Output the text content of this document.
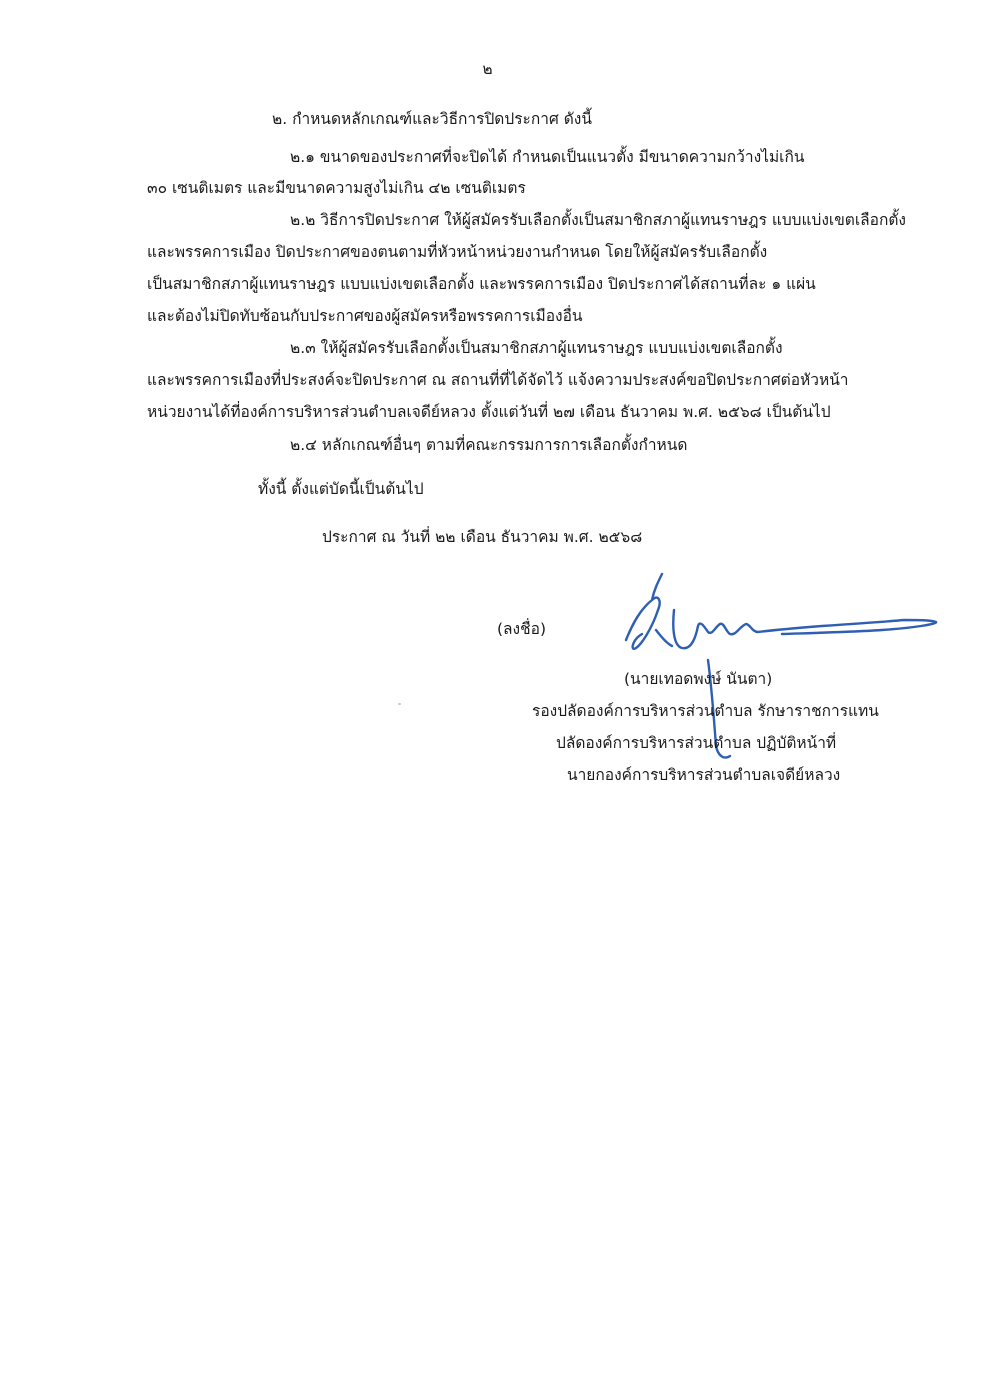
๒
๒. กำหนดหลักเกณฑ์และวิธีการปิดประกาศ ดังนี้
๒.๑ ขนาดของประกาศที่จะปิดได้ กำหนดเป็นแนวตั้ง มีขนาดความกว้างไม่เกิน
๓๐ เซนติเมตร และมีขนาดความสูงไม่เกิน ๔๒ เซนติเมตร
๒.๒ วิธีการปิดประกาศ ให้ผู้สมัครรับเลือกตั้งเป็นสมาชิกสภาผู้แทนราษฎร แบบแบ่งเขตเลือกตั้ง
และพรรคการเมือง ปิดประกาศของตนตามที่หัวหน้าหน่วยงานกำหนด โดยให้ผู้สมัครรับเลือกตั้ง
เป็นสมาชิกสภาผู้แทนราษฎร แบบแบ่งเขตเลือกตั้ง และพรรคการเมือง ปิดประกาศได้สถานที่ละ ๑ แผ่น
และต้องไม่ปิดทับซ้อนกับประกาศของผู้สมัครหรือพรรคการเมืองอื่น
๒.๓ ให้ผู้สมัครรับเลือกตั้งเป็นสมาชิกสภาผู้แทนราษฎร แบบแบ่งเขตเลือกตั้ง
และพรรคการเมืองที่ประสงค์จะปิดประกาศ ณ สถานที่ที่ได้จัดไว้ แจ้งความประสงค์ขอปิดประกาศต่อหัวหน้า
หน่วยงานได้ที่องค์การบริหารส่วนตำบลเจดีย์หลวง ตั้งแต่วันที่ ๒๗ เดือน ธันวาคม พ.ศ. ๒๕๖๘ เป็นต้นไป
๒.๔ หลักเกณฑ์อื่นๆ ตามที่คณะกรรมการการเลือกตั้งกำหนด
ทั้งนี้ ตั้งแต่บัดนี้เป็นต้นไป
ประกาศ ณ วันที่ ๒๒ เดือน ธันวาคม พ.ศ. ๒๕๖๘
(ลงชื่อ)
(นายเทอดพงษ์ นันตา)
รองปลัดองค์การบริหารส่วนตำบล รักษาราชการแทน
ปลัดองค์การบริหารส่วนตำบล ปฏิบัติหน้าที่
นายกองค์การบริหารส่วนตำบลเจดีย์หลวง
